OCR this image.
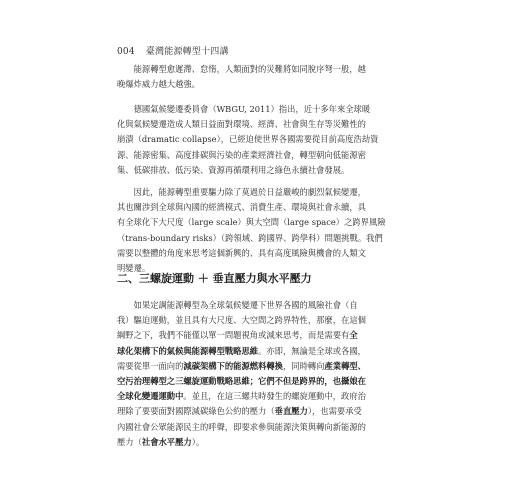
004 臺灣能源轉型十四講

　　能源轉型愈遲滯、怠惰，人類面對的災難將如同脫序弩一般，越
晚爆炸威力越大越強。

　　德國氣候變遷委員會（WBGU, 2011）指出，近十多年來全球暖
化與氣候變遷造成人類日益面對環境、經濟、社會與生存等災難性的
崩潰（dramatic collapse），已經迫使世界各國需要從目前高度浩劫資
源、能源密集、高度排碳與污染的產業經濟社會，轉型朝向低能源密
集、低碳排放、低污染、資源再循環利用之綠色永續社會發展。

　　因此，能源轉型重要驅力除了莫過於日益嚴峻的劇烈氣候變遷，
其也關涉到全球與內國的經濟模式、消費生產、環境與社會永續，具
有全球化下大尺度（large scale）與大空間（large space）之跨界風險
（trans-boundary risks）（跨領域、跨國界、跨學科）問題挑戰。我們
需要以整體的角度來思考這個新興的、具有高度風險與機會的人類文
明變遷。

二、三螺旋運動 ＋ 垂直壓力與水平壓力

　　如果定調能源轉型為全球氣候變遷下世界各國的風險社會（自
我）驅迫運動，並且具有大尺度、大空間之跨界特性，那麼，在這個
綱野之下，我們不能僅以單一問題視角或減來思考，而是需要有全
球化架構下的氣候與能源轉型戰略思維。亦即，無論是全球或各國，
需要從單一面向的減碳架構下的能源燃料轉換，同時轉向產業轉型、
空污治理轉型之三螺旋運動戰略思維；它們不但是跨界的，也攝娘在
全球化變遷運動中。並且，在這三螺共時發生的螺旋運動中，政府治
理除了要要面對國際減碳綠色公約的壓力（垂直壓力），也需要承受
內國社會公眾能源民主的呼聲，即要求參與能源決策與轉向新能源的
壓力（社會水平壓力）。
